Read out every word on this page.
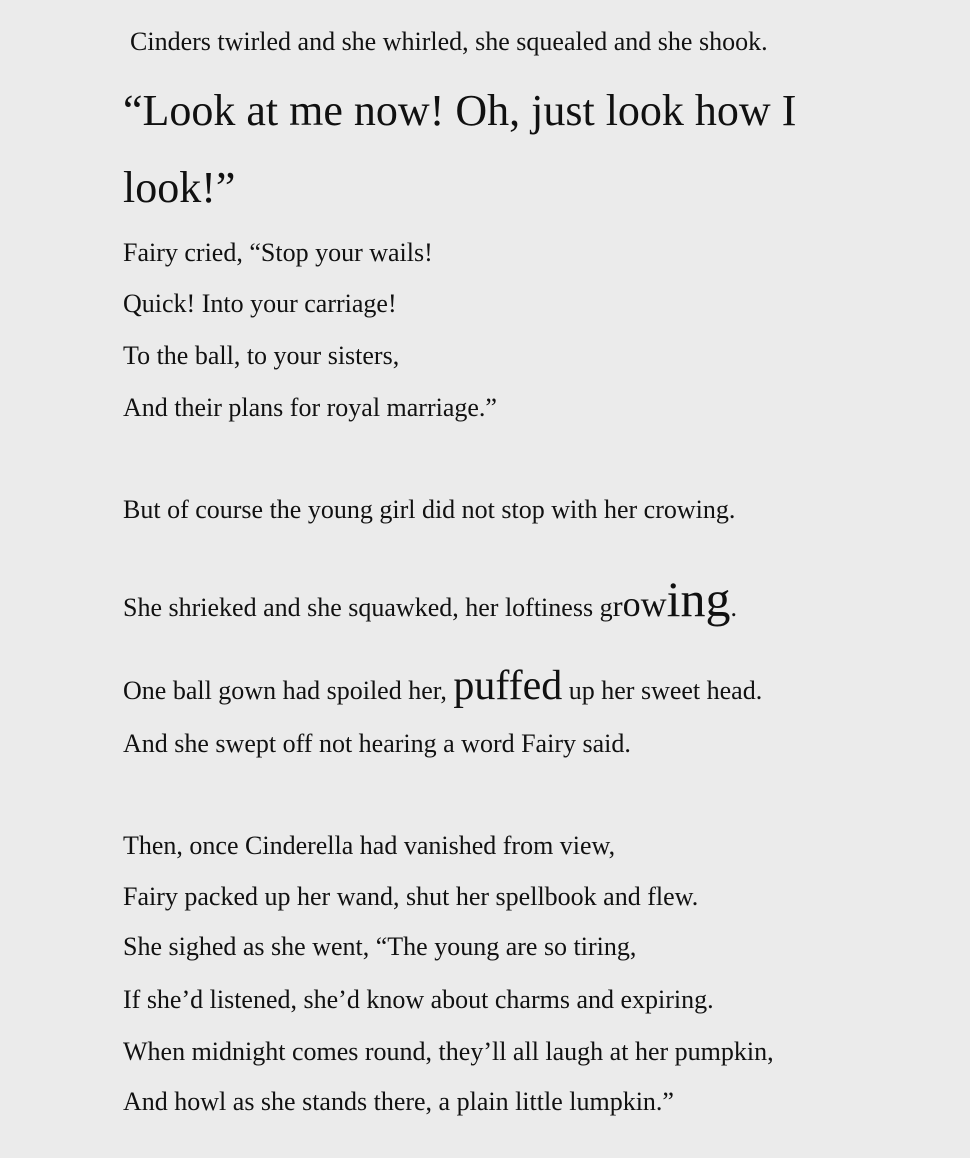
Cinders twirled and she whirled, she squealed and she shook.
“Look at me now! Oh, just look how I
look!”
Fairy cried, “Stop your wails!
Quick! Into your carriage!
To the ball, to your sisters,
And their plans for royal marriage.”
But of course the young girl did not stop with her crowing.
She shrieked and she squawked, her loftiness growing.
One ball gown had spoiled her, puffed up her sweet head.
And she swept off not hearing a word Fairy said.
Then, once Cinderella had vanished from view,
Fairy packed up her wand, shut her spellbook and flew.
She sighed as she went, “The young are so tiring,
If she’d listened, she’d know about charms and expiring.
When midnight comes round, they’ll all laugh at her pumpkin,
And howl as she stands there, a plain little lumpkin.”
